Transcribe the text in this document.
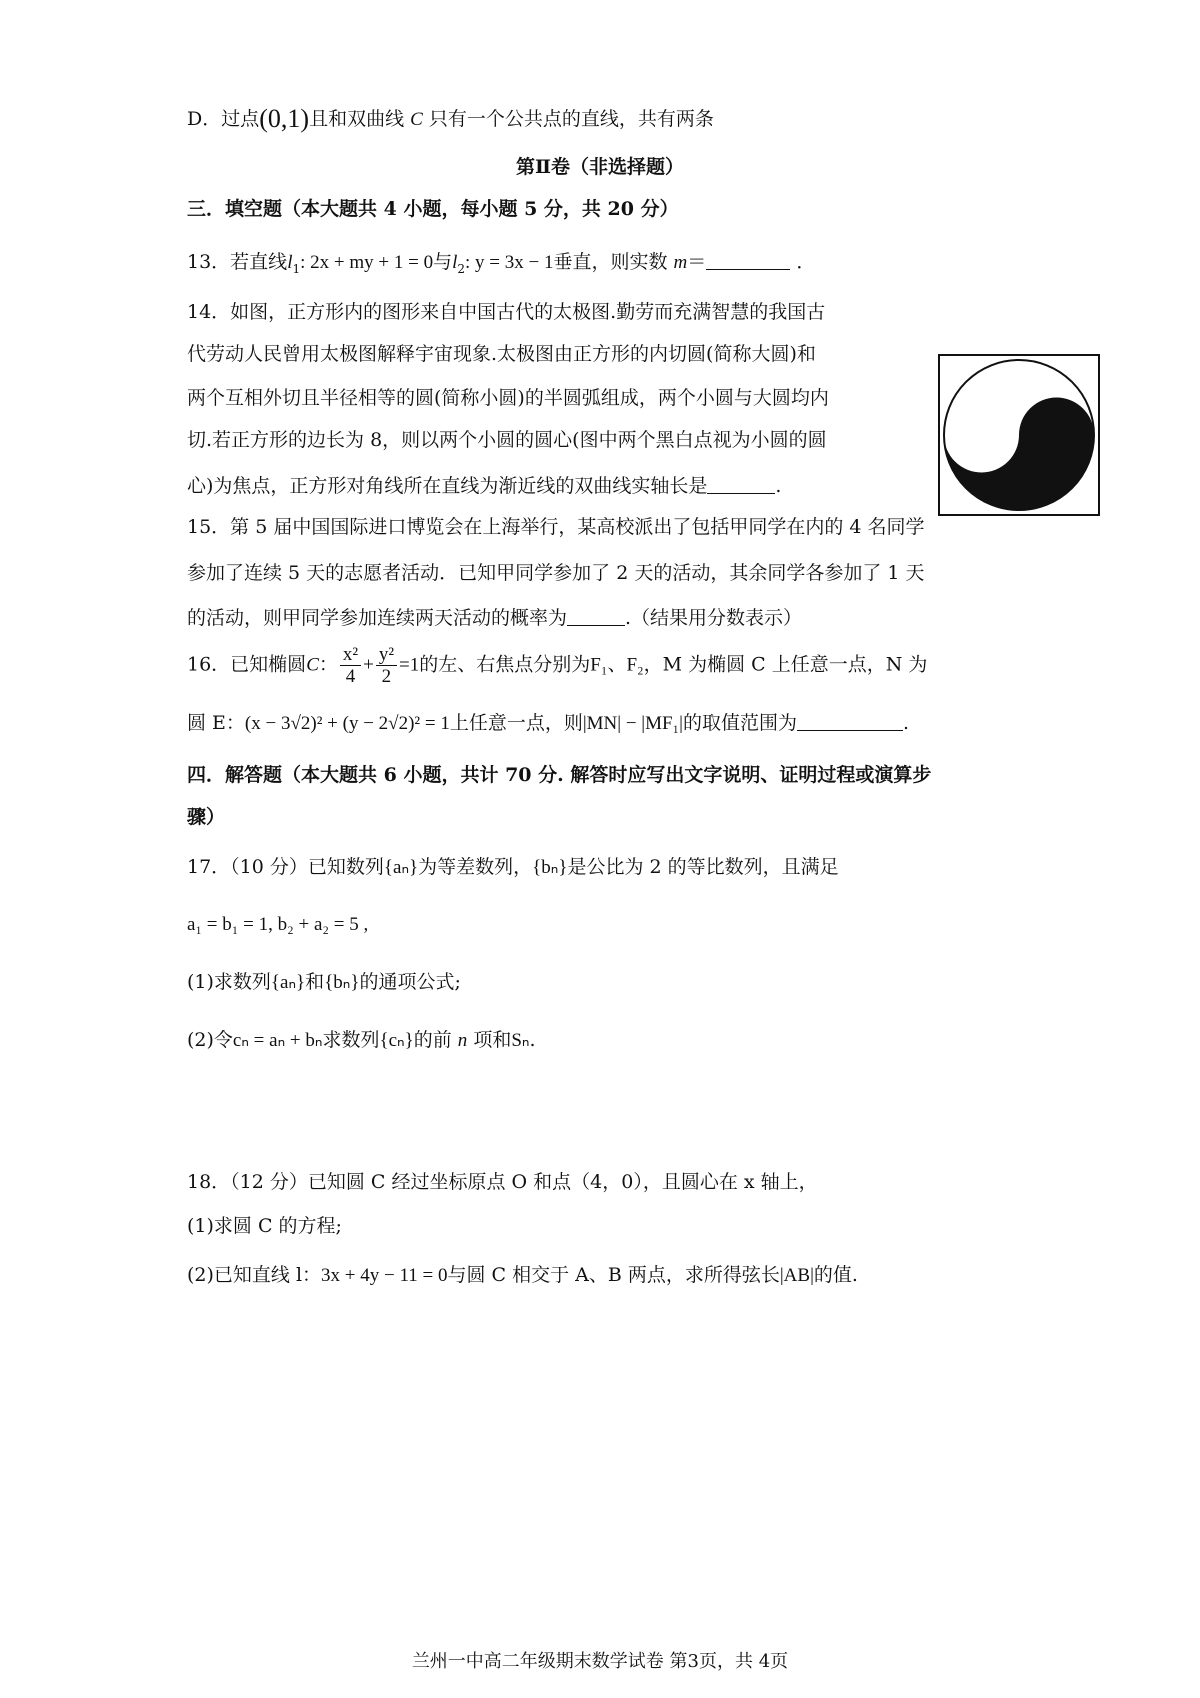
D．过点(0,1)且和双曲线 C 只有一个公共点的直线，共有两条
第Ⅱ卷（非选择题）
三．填空题（本大题共 4 小题，每小题 5 分，共 20 分）
13．若直线$l_1$: 2x + my + 1 = 0与$l_2$: y = 3x − 1垂直，则实数 m＝	．
14．如图，正方形内的图形来自中国古代的太极图.勤劳而充满智慧的我国古
代劳动人民曾用太极图解释宇宙现象.太极图由正方形的内切圆(简称大圆)和
两个互相外切且半径相等的圆(简称小圆)的半圆弧组成，两个小圆与大圆均内
切.若正方形的边长为 8，则以两个小圆的圆心(图中两个黑白点视为小圆的圆
心)为焦点，正方形对角线所在直线为渐近线的双曲线实轴长是	.
15．第 5 届中国国际进口博览会在上海举行，某高校派出了包括甲同学在内的 4 名同学
参加了连续 5 天的志愿者活动．已知甲同学参加了 2 天的活动，其余同学各参加了 1 天
的活动，则甲同学参加连续两天活动的概率为	.（结果用分数表示）
16．已知椭圆C： $\frac{\text{x²}}{4} + \frac{\text{y²}}{2} =1$的左、右焦点分别为F₁、F₂，M 为椭圆 C 上任意一点，N 为
圆 E：(x − 3√2)² + (y − 2√2)² = 1上任意一点，则|MN| − |MF₁|的取值范围为	.
四．解答题（本大题共 6 小题，共计 70 分. 解答时应写出文字说明、证明过程或演算步
骤）
17．（10 分）已知数列{aₙ}为等差数列，{bₙ}是公比为 2 的等比数列，且满足
a₁ = b₁ = 1, b₂ + a₂ = 5 ,
(1)求数列{aₙ}和{bₙ}的通项公式;
(2)令cₙ = aₙ + bₙ求数列{cₙ}的前 n 项和Sₙ.
18．（12 分）已知圆 C 经过坐标原点 O 和点（4，0），且圆心在 x 轴上，
(1)求圆 C 的方程;
(2)已知直线 l：3x + 4y − 11 = 0与圆 C 相交于 A、B 两点，求所得弦长|AB|的值.
兰州一中高二年级期末数学试卷 第3页，共 4页
